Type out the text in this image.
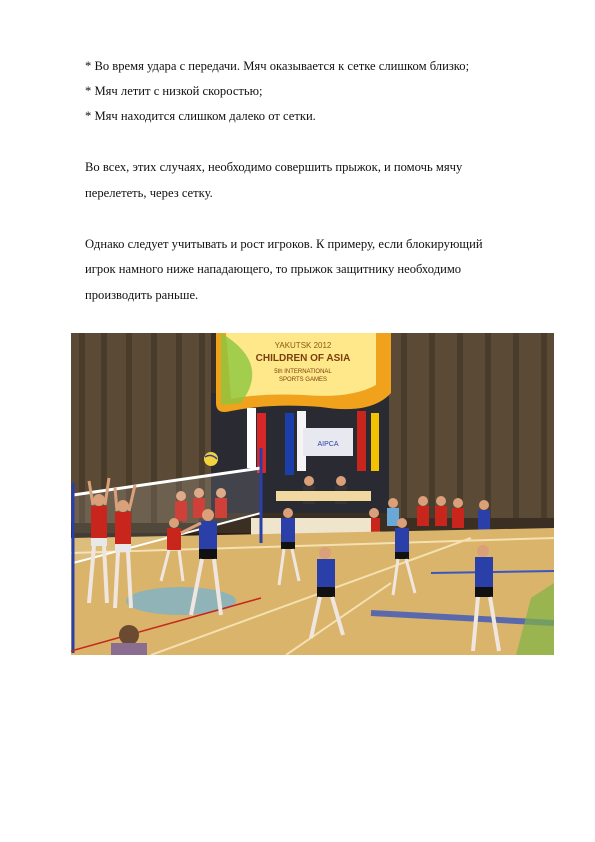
* Во время удара с передачи. Мяч оказывается к сетке слишком близко;
* Мяч летит с низкой скоростью;
* Мяч находится слишком далеко от сетки.
Во всех, этих случаях, необходимо совершить прыжок, и помочь мячу
перелететь, через сетку.
Однако следует учитывать и рост игроков. К примеру, если блокирующий
игрок намного ниже нападающего, то прыжок защитнику необходимо
производить раньше.
YAKUTSK 2012
CHILDREN OF ASIA
5th INTERNATIONAL
SPORTS GAMES
AIPCA
